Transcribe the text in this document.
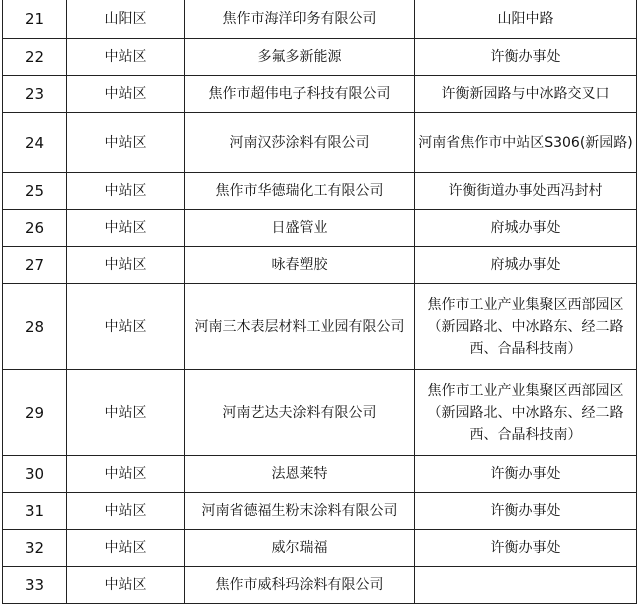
21	山阳区	焦作市海洋印务有限公司	山阳中路
22	中站区	多氟多新能源	许衡办事处
23	中站区	焦作市超伟电子科技有限公司	许衡新园路与中冰路交叉口
24	中站区	河南汉莎涂料有限公司	河南省焦作市中站区S306(新园路)
25	中站区	焦作市华德瑞化工有限公司	许衡街道办事处西冯封村
26	中站区	日盛管业	府城办事处
27	中站区	咏春塑胶	府城办事处
28	中站区	河南三木表层材料工业园有限公司	焦作市工业产业集聚区西部园区（新园路北、中冰路东、经二路西、合晶科技南）
29	中站区	河南艺达夫涂料有限公司	焦作市工业产业集聚区西部园区（新园路北、中冰路东、经二路西、合晶科技南）
30	中站区	法恩莱特	许衡办事处
31	中站区	河南省德福生粉末涂料有限公司	许衡办事处
32	中站区	威尔瑞福	许衡办事处
33	中站区	焦作市威科玛涂料有限公司	
